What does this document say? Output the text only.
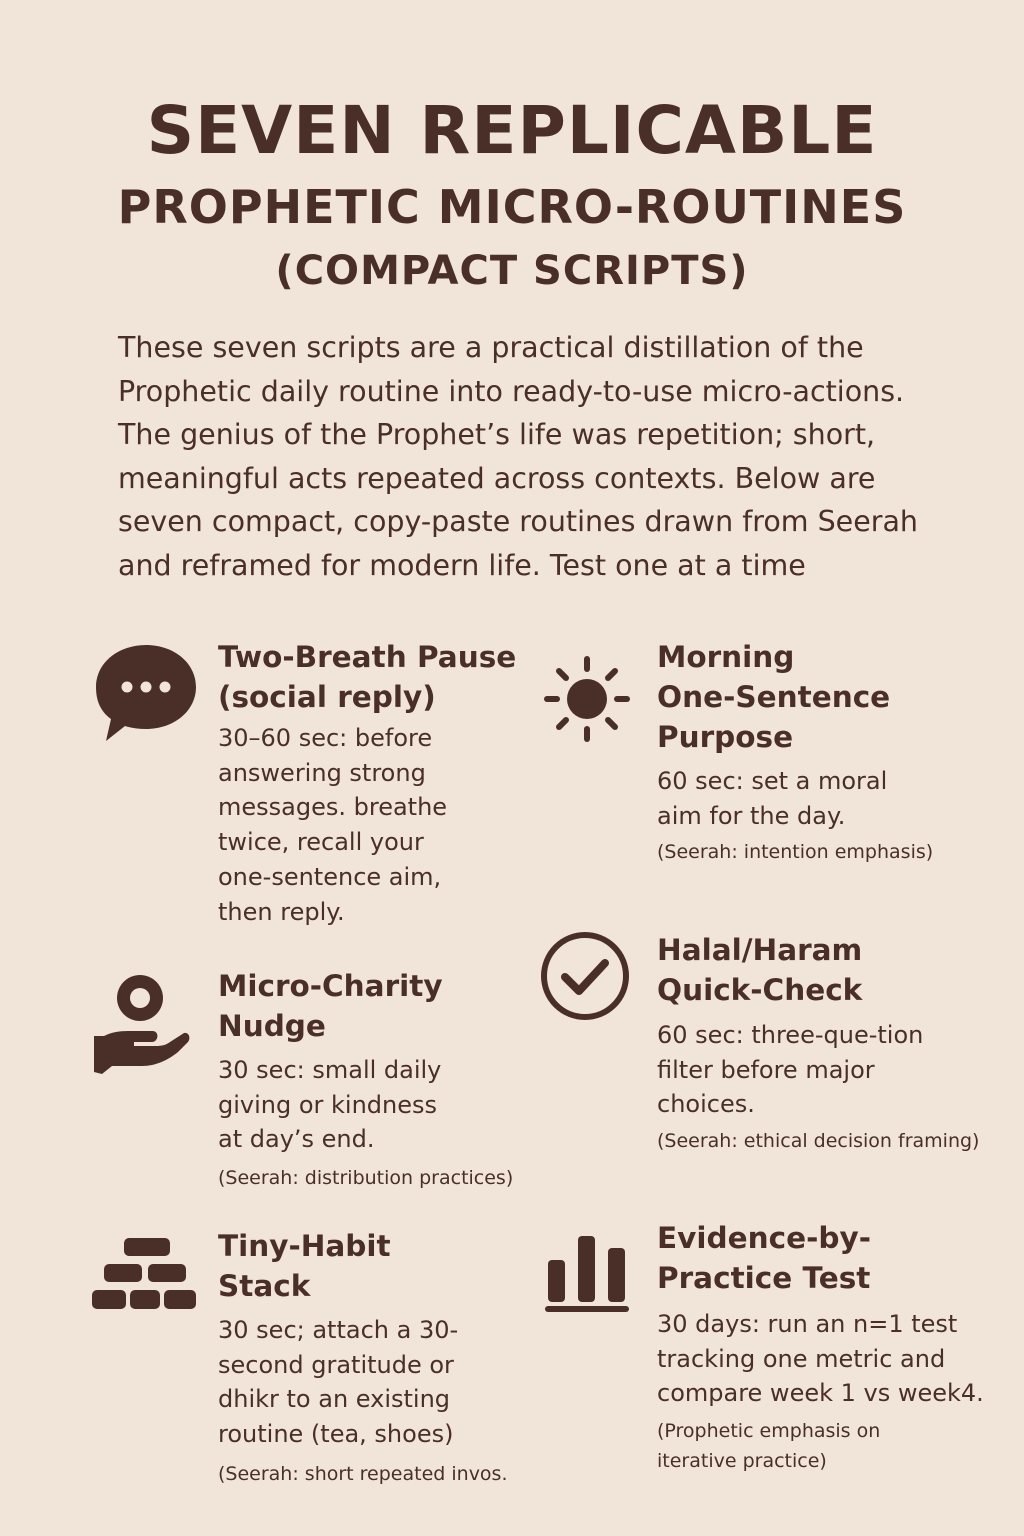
SEVEN REPLICABLE
PROPHETIC MICRO-ROUTINES
(COMPACT SCRIPTS)
These seven scripts are a practical distillation of the
Prophetic daily routine into ready-to-use micro-actions.
The genius of the Prophet’s life was repetition; short,
meaningful acts repeated across contexts. Below are
seven compact, copy-paste routines drawn from Seerah
and reframed for modern life. Test one at a time
Two-Breath Pause
(social reply)
30–60 sec: before
answering strong
messages. breathe
twice, recall your
one-sentence aim,
then reply.
Morning
One-Sentence
Purpose
60 sec: set a moral
aim for the day.
(Seerah: intention emphasis)
Micro-Charity
Nudge
30 sec: small daily
giving or kindness
at day’s end.
(Seerah: distribution practices)
Halal/Haram
Quick-Check
60 sec: three-que-tion
filter before major
choices.
(Seerah: ethical decision framing)
Tiny-Habit
Stack
30 sec; attach a 30-
second gratitude or
dhikr to an existing
routine (tea, shoes)
(Seerah: short repeated invos.
Evidence-by-
Practice Test
30 days: run an n=1 test
tracking one metric and
compare week 1 vs week4.
(Prophetic emphasis on
iterative practice)
